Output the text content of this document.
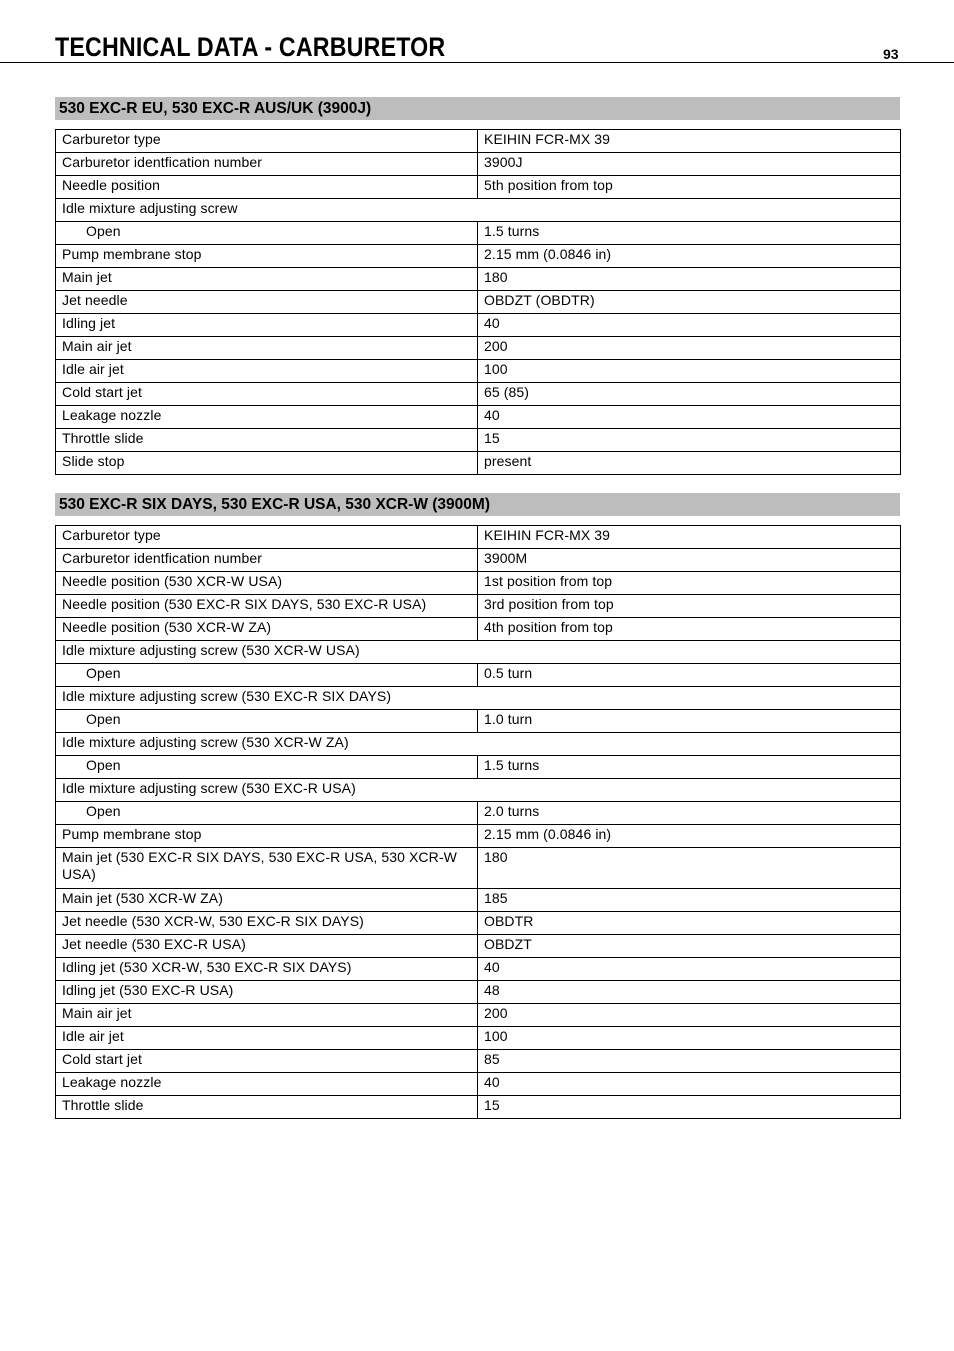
TECHNICAL DATA - CARBURETOR	93
530 EXC-R EU, 530 EXC-R AUS/UK (3900J)
Carburetor type	KEIHIN FCR-MX 39
Carburetor identfication number	3900J
Needle position	5th position from top
Idle mixture adjusting screw	
Open	1.5 turns
Pump membrane stop	2.15 mm (0.0846 in)
Main jet	180
Jet needle	OBDZT (OBDTR)
Idling jet	40
Main air jet	200
Idle air jet	100
Cold start jet	65 (85)
Leakage nozzle	40
Throttle slide	15
Slide stop	present
530 EXC-R SIX DAYS, 530 EXC-R USA, 530 XCR-W (3900M)
Carburetor type	KEIHIN FCR-MX 39
Carburetor identfication number	3900M
Needle position (530 XCR-W USA)	1st position from top
Needle position (530 EXC-R SIX DAYS, 530 EXC-R USA)	3rd position from top
Needle position (530 XCR-W ZA)	4th position from top
Idle mixture adjusting screw (530 XCR-W USA)	
Open	0.5 turn
Idle mixture adjusting screw (530 EXC-R SIX DAYS)	
Open	1.0 turn
Idle mixture adjusting screw (530 XCR-W ZA)	
Open	1.5 turns
Idle mixture adjusting screw (530 EXC-R USA)	
Open	2.0 turns
Pump membrane stop	2.15 mm (0.0846 in)
Main jet (530 EXC-R SIX DAYS, 530 EXC-R USA, 530 XCR-W USA)	180
Main jet (530 XCR-W ZA)	185
Jet needle (530 XCR-W, 530 EXC-R SIX DAYS)	OBDTR
Jet needle (530 EXC-R USA)	OBDZT
Idling jet (530 XCR-W, 530 EXC-R SIX DAYS)	40
Idling jet (530 EXC-R USA)	48
Main air jet	200
Idle air jet	100
Cold start jet	85
Leakage nozzle	40
Throttle slide	15
